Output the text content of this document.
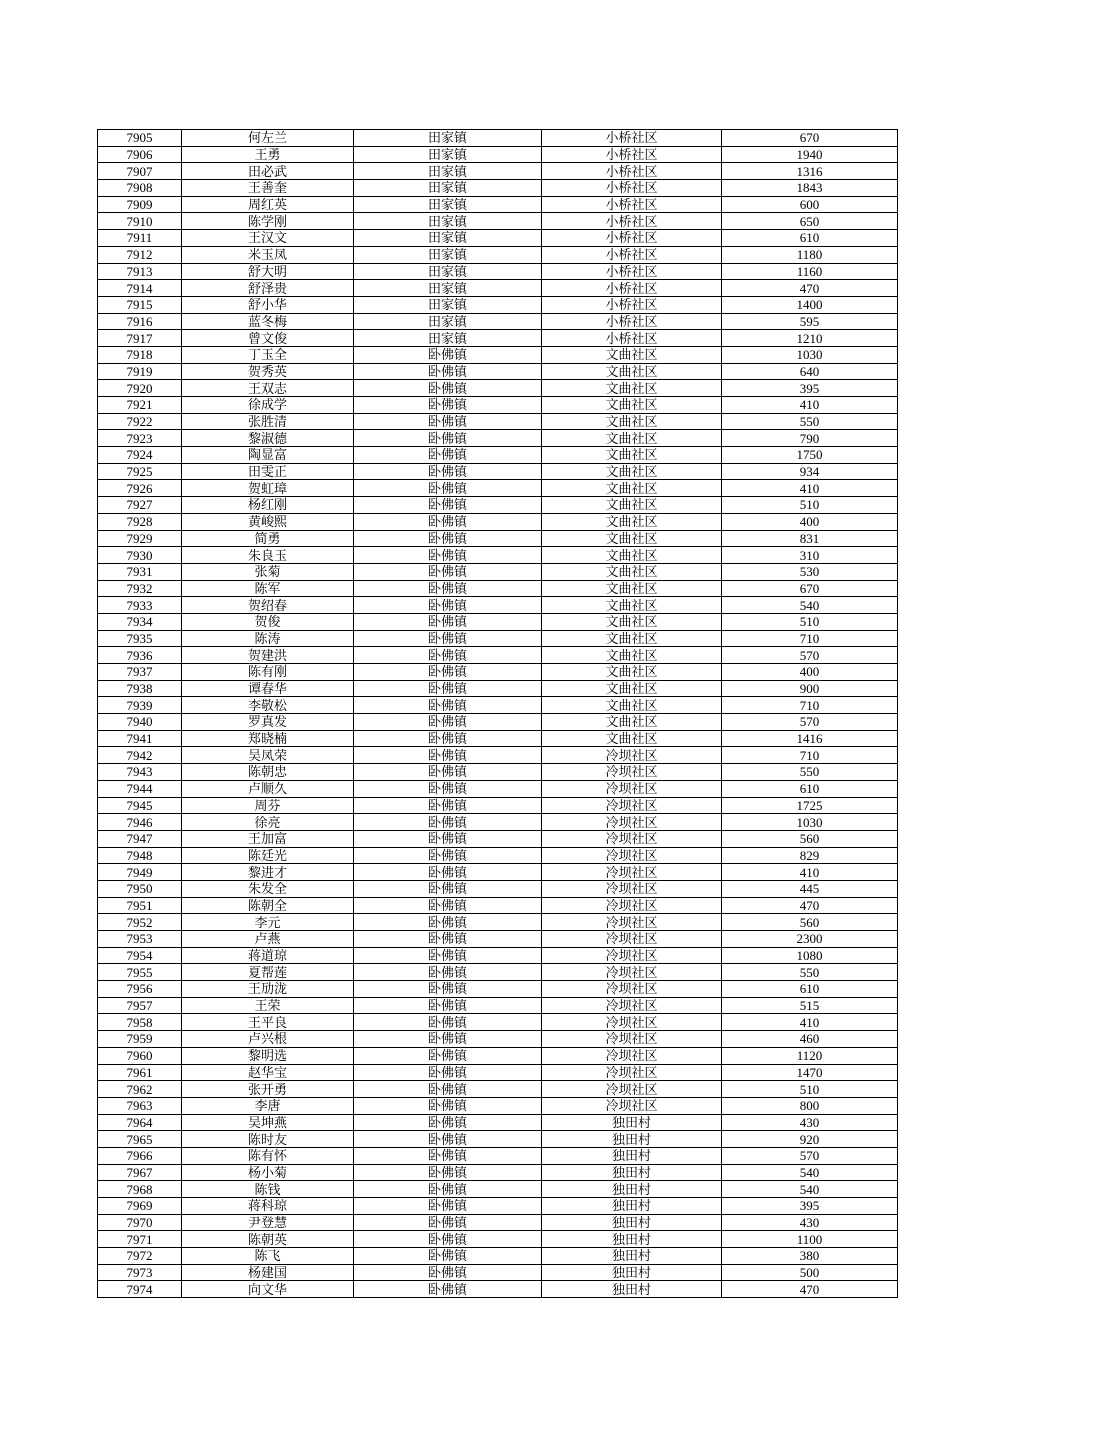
7905	何左兰	田家镇	小桥社区	670
7906	王勇	田家镇	小桥社区	1940
7907	田必武	田家镇	小桥社区	1316
7908	王善奎	田家镇	小桥社区	1843
7909	周红英	田家镇	小桥社区	600
7910	陈学刚	田家镇	小桥社区	650
7911	王汉文	田家镇	小桥社区	610
7912	米玉凤	田家镇	小桥社区	1180
7913	舒大明	田家镇	小桥社区	1160
7914	舒泽贵	田家镇	小桥社区	470
7915	舒小华	田家镇	小桥社区	1400
7916	蓝冬梅	田家镇	小桥社区	595
7917	曾文俊	田家镇	小桥社区	1210
7918	丁玉全	卧佛镇	文曲社区	1030
7919	贺秀英	卧佛镇	文曲社区	640
7920	王双志	卧佛镇	文曲社区	395
7921	徐成学	卧佛镇	文曲社区	410
7922	张胜清	卧佛镇	文曲社区	550
7923	黎淑德	卧佛镇	文曲社区	790
7924	陶显富	卧佛镇	文曲社区	1750
7925	田雯正	卧佛镇	文曲社区	934
7926	贺虹璋	卧佛镇	文曲社区	410
7927	杨红刚	卧佛镇	文曲社区	510
7928	黄峻熙	卧佛镇	文曲社区	400
7929	简勇	卧佛镇	文曲社区	831
7930	朱良玉	卧佛镇	文曲社区	310
7931	张菊	卧佛镇	文曲社区	530
7932	陈军	卧佛镇	文曲社区	670
7933	贺绍春	卧佛镇	文曲社区	540
7934	贺俊	卧佛镇	文曲社区	510
7935	陈涛	卧佛镇	文曲社区	710
7936	贺建洪	卧佛镇	文曲社区	570
7937	陈有刚	卧佛镇	文曲社区	400
7938	谭春华	卧佛镇	文曲社区	900
7939	李敬松	卧佛镇	文曲社区	710
7940	罗真发	卧佛镇	文曲社区	570
7941	郑晓楠	卧佛镇	文曲社区	1416
7942	吴凤荣	卧佛镇	冷坝社区	710
7943	陈朝忠	卧佛镇	冷坝社区	550
7944	卢顺久	卧佛镇	冷坝社区	610
7945	周芬	卧佛镇	冷坝社区	1725
7946	徐亮	卧佛镇	冷坝社区	1030
7947	王加富	卧佛镇	冷坝社区	560
7948	陈廷光	卧佛镇	冷坝社区	829
7949	黎进才	卧佛镇	冷坝社区	410
7950	朱发全	卧佛镇	冷坝社区	445
7951	陈朝全	卧佛镇	冷坝社区	470
7952	李元	卧佛镇	冷坝社区	560
7953	卢燕	卧佛镇	冷坝社区	2300
7954	蒋道琼	卧佛镇	冷坝社区	1080
7955	夏帮莲	卧佛镇	冷坝社区	550
7956	王劢泷	卧佛镇	冷坝社区	610
7957	王荣	卧佛镇	冷坝社区	515
7958	王平良	卧佛镇	冷坝社区	410
7959	卢兴根	卧佛镇	冷坝社区	460
7960	黎明选	卧佛镇	冷坝社区	1120
7961	赵华宝	卧佛镇	冷坝社区	1470
7962	张开勇	卧佛镇	冷坝社区	510
7963	李唐	卧佛镇	冷坝社区	800
7964	吴坤燕	卧佛镇	独田村	430
7965	陈时友	卧佛镇	独田村	920
7966	陈有怀	卧佛镇	独田村	570
7967	杨小菊	卧佛镇	独田村	540
7968	陈钱	卧佛镇	独田村	540
7969	蒋科琼	卧佛镇	独田村	395
7970	尹登慧	卧佛镇	独田村	430
7971	陈朝英	卧佛镇	独田村	1100
7972	陈飞	卧佛镇	独田村	380
7973	杨建国	卧佛镇	独田村	500
7974	向文华	卧佛镇	独田村	470
